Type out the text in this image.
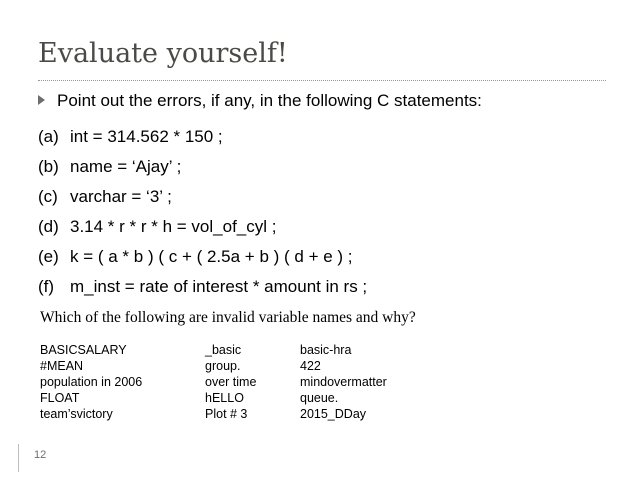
Evaluate yourself!
Point out the errors, if any, in the following C statements:
(a) int = 314.562 * 150 ;
(b) name = ‘Ajay’ ;
(c) varchar = ‘3’ ;
(d) 3.14 * r * r * h = vol_of_cyl ;
(e) k = ( a * b ) ( c + ( 2.5a + b ) ( d + e ) ;
(f) m_inst = rate of interest * amount in rs ;
Which of the following are invalid variable names and why?
BASICSALARY	_basic	basic-hra
#MEAN	group.	422
population in 2006	over time	mindovermatter
FLOAT	hELLO	queue.
team’svictory	Plot # 3	2015_DDay
12
